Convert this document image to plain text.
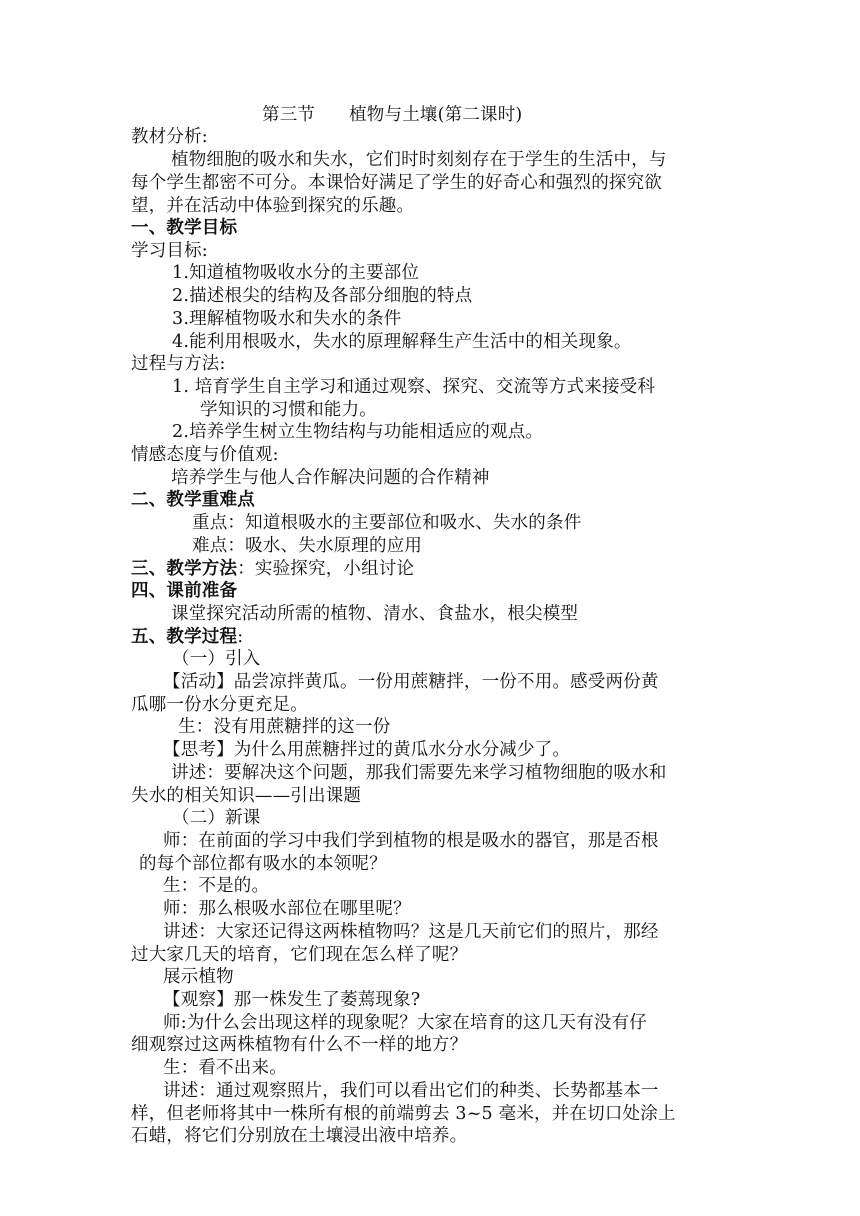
第三节 植物与土壤(第二课时)
教材分析:
植物细胞的吸水和失水，它们时时刻刻存在于学生的生活中，与
每个学生都密不可分。本课恰好满足了学生的好奇心和强烈的探究欲
望，并在活动中体验到探究的乐趣。
一、教学目标
学习目标:
1.知道植物吸收水分的主要部位
2.描述根尖的结构及各部分细胞的特点
3.理解植物吸水和失水的条件
4.能利用根吸水，失水的原理解释生产生活中的相关现象。
过程与方法:
1. 培育学生自主学习和通过观察、探究、交流等方式来接受科
学知识的习惯和能力。
2.培养学生树立生物结构与功能相适应的观点。
情感态度与价值观:
培养学生与他人合作解决问题的合作精神
二、教学重难点
重点：知道根吸水的主要部位和吸水、失水的条件
难点：吸水、失水原理的应用
三、教学方法：实验探究，小组讨论
四、课前准备
课堂探究活动所需的植物、清水、食盐水，根尖模型
五、教学过程:
（一）引入
【活动】品尝凉拌黄瓜。一份用蔗糖拌，一份不用。感受两份黄
瓜哪一份水分更充足。
生：没有用蔗糖拌的这一份
【思考】为什么用蔗糖拌过的黄瓜水分水分减少了。
讲述：要解决这个问题，那我们需要先来学习植物细胞的吸水和
失水的相关知识——引出课题
（二）新课
师：在前面的学习中我们学到植物的根是吸水的器官，那是否根
的每个部位都有吸水的本领呢？
生：不是的。
师：那么根吸水部位在哪里呢？
讲述：大家还记得这两株植物吗？这是几天前它们的照片，那经
过大家几天的培育，它们现在怎么样了呢？
展示植物
【观察】那一株发生了萎蔫现象?
师:为什么会出现这样的现象呢？大家在培育的这几天有没有仔
细观察过这两株植物有什么不一样的地方？
生：看不出来。
讲述：通过观察照片，我们可以看出它们的种类、长势都基本一
样，但老师将其中一株所有根的前端剪去 3~5 毫米，并在切口处涂上
石蜡，将它们分别放在土壤浸出液中培养。
